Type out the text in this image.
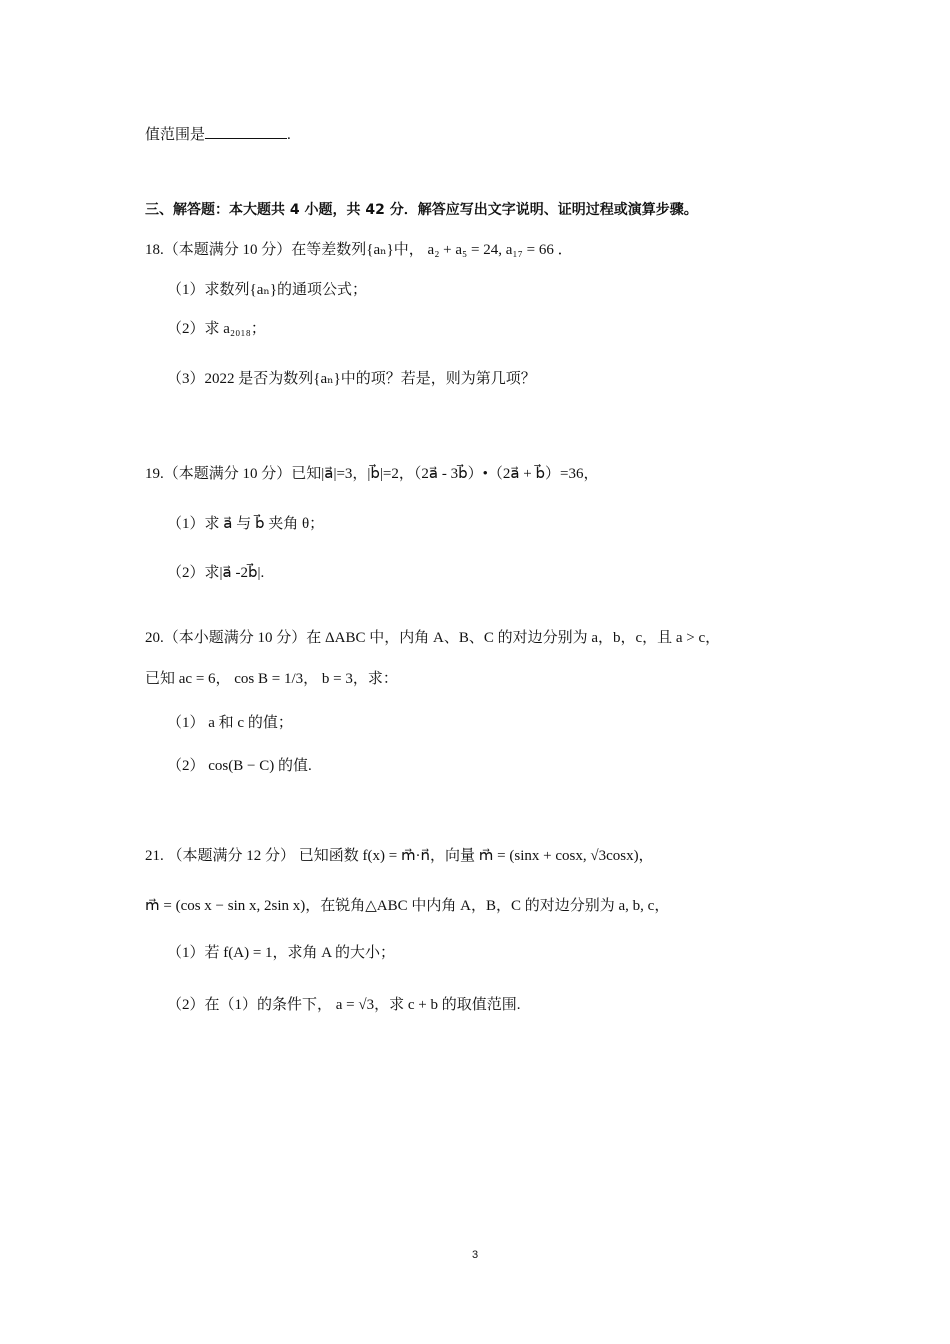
值范围是	.
三、解答题：本大题共 4 小题，共 42 分．解答应写出文字说明、证明过程或演算步骤。
18.（本题满分 10 分）在等差数列{aₙ}中， a₂ + a₅ = 24, a₁₇ = 66 ．
（1）求数列{aₙ}的通项公式；
（2）求 a₂₀₁₈；
（3）2022 是否为数列{aₙ}中的项？若是，则为第几项？
19.（本题满分 10 分）已知|a⃗|=3，|b⃗|=2，（2a⃗ - 3b⃗）•（2a⃗ + b⃗）=36，
（1）求 a⃗ 与 b⃗ 夹角 θ；
（2）求|a⃗ -2b⃗|.
20.（本小题满分 10 分）在 ΔABC 中，内角 A、B、C 的对边分别为 a，b，c，且 a > c，
已知 ac = 6， cos B = 1/3， b = 3，求：
（1） a 和 c 的值；
（2） cos(B − C) 的值.
21. （本题满分 12 分） 已知函数 f(x) = m⃗·n⃗，向量 m⃗ = (sinx + cosx, √3cosx)，
m⃗ = (cos x − sin x, 2sin x)，在锐角△ABC 中内角 A，B，C 的对边分别为 a, b, c，
（1）若 f(A) = 1，求角 A 的大小；
（2）在（1）的条件下， a = √3，求 c + b 的取值范围.
3
